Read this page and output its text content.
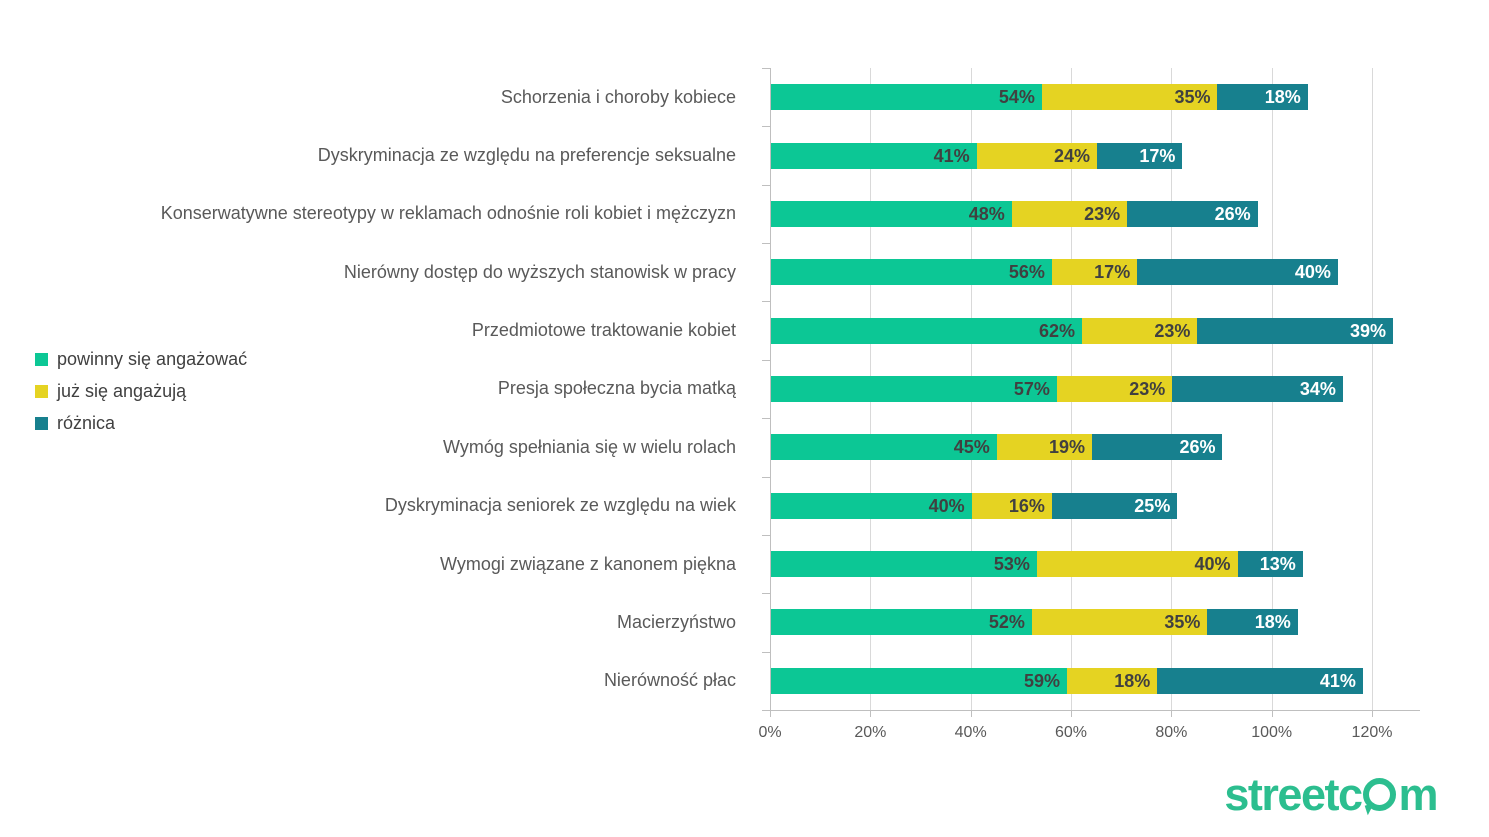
powinny się angażować
już się angażują
różnica
Schorzenia i choroby kobiece
Dyskryminacja ze względu na preferencje seksualne
Konserwatywne stereotypy w reklamach odnośnie roli kobiet i mężczyzn
Nierówny dostęp do wyższych stanowisk w pracy
Przedmiotowe traktowanie kobiet
Presja społeczna bycia matką
Wymóg spełniania się w wielu rolach
Dyskryminacja seniorek ze względu na wiek
Wymogi związane z kanonem piękna
Macierzyństwo
Nierówność płac
0%	20%	40%	60%	80%	100%	120%
54%	35%	18%
41%	24%	17%
48%	23%	26%
56%	17%	40%
62%	23%	39%
57%	23%	34%
45%	19%	26%
40% 16%	25%
53%	40% 13%
52%	35%	18%
59%	18%	41%
streetc m
